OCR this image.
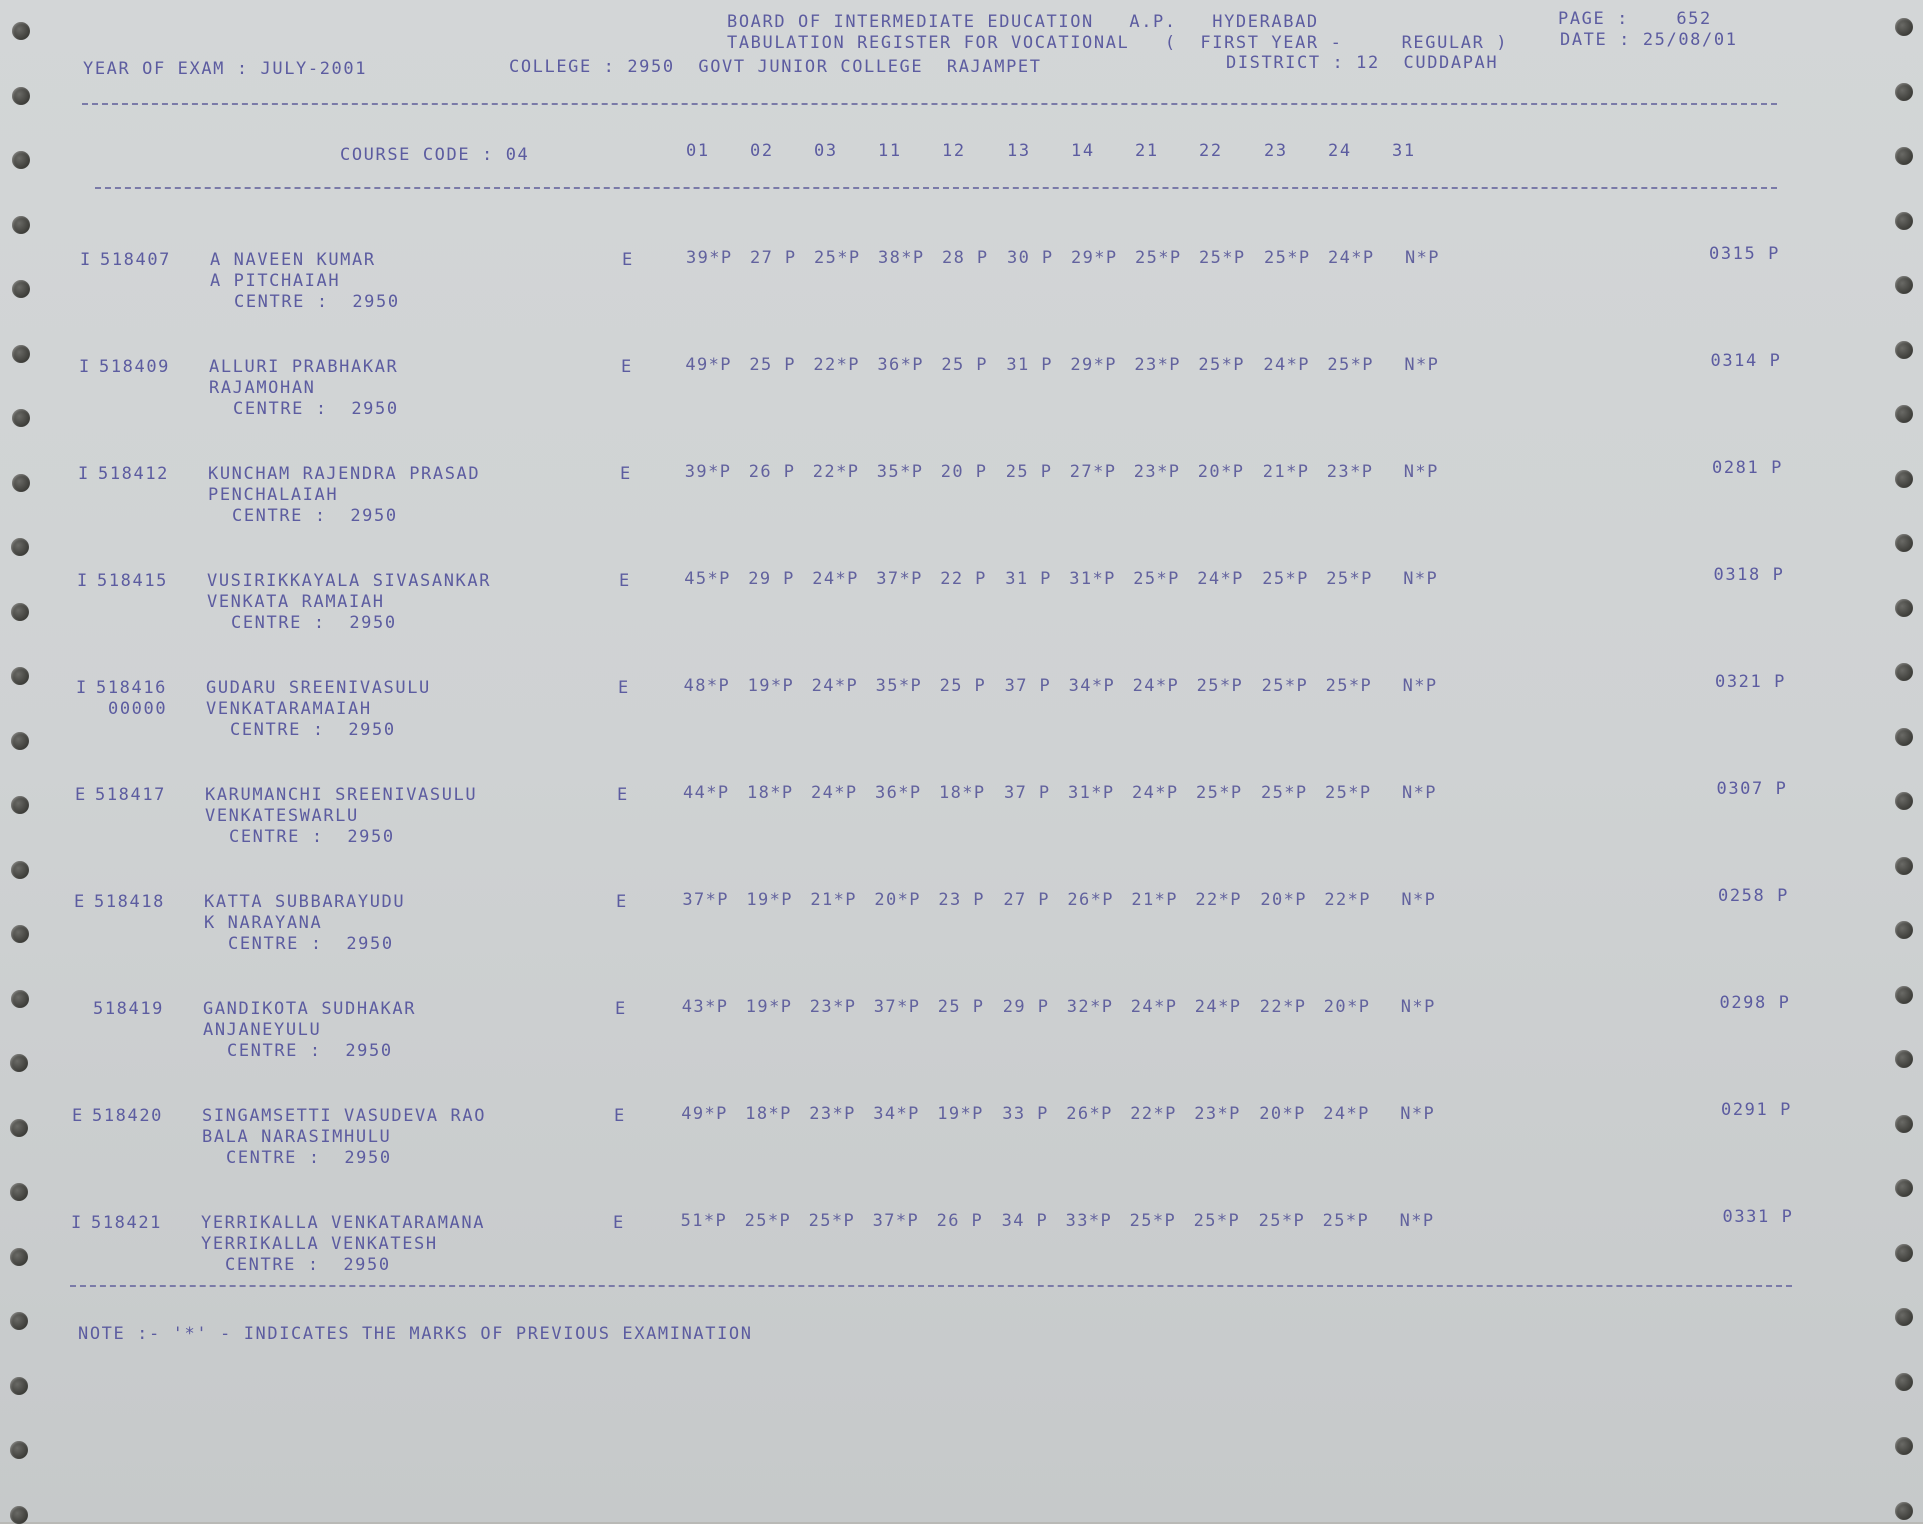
BOARD OF INTERMEDIATE EDUCATION   A.P.   HYDERABAD	PAGE :    652
TABULATION REGISTER FOR VOCATIONAL   (  FIRST YEAR -     REGULAR )	DATE : 25/08/01
YEAR OF EXAM : JULY-2001	COLLEGE : 2950  GOVT JUNIOR COLLEGE  RAJAMPET	DISTRICT : 12  CUDDAPAH
COURSE CODE : 04	01 02 03 11 12 13 14 21 22 23 24 31
I 518407 A NAVEEN KUMAR
A PITCHAIAH
CENTRE :  2950
E	39*P 27 P 25*P 38*P 28 P 30 P 29*P 25*P 25*P 25*P 24*P N*P	0315 P
I 518409 ALLURI PRABHAKAR
RAJAMOHAN
CENTRE :  2950
E	49*P 25 P 22*P 36*P 25 P 31 P 29*P 23*P 25*P 24*P 25*P N*P	0314 P
I 518412 KUNCHAM RAJENDRA PRASAD
PENCHALAIAH
CENTRE :  2950
E	39*P 26 P 22*P 35*P 20 P 25 P 27*P 23*P 20*P 21*P 23*P N*P	0281 P
I 518415 VUSIRIKKAYALA SIVASANKAR
VENKATA RAMAIAH
CENTRE :  2950
E	45*P 29 P 24*P 37*P 22 P 31 P 31*P 25*P 24*P 25*P 25*P N*P	0318 P
I 518416
00000
GUDARU SREENIVASULU
VENKATARAMAIAH
CENTRE :  2950
E	48*P 19*P 24*P 35*P 25 P 37 P 34*P 24*P 25*P 25*P 25*P N*P	0321 P
E 518417 KARUMANCHI SREENIVASULU
VENKATESWARLU
CENTRE :  2950
E	44*P 18*P 24*P 36*P 18*P 37 P 31*P 24*P 25*P 25*P 25*P N*P	0307 P
E 518418 KATTA SUBBARAYUDU
K NARAYANA
CENTRE :  2950
E	37*P 19*P 21*P 20*P 23 P 27 P 26*P 21*P 22*P 20*P 22*P N*P	0258 P
518419 GANDIKOTA SUDHAKAR
ANJANEYULU
CENTRE :  2950
E	43*P 19*P 23*P 37*P 25 P 29 P 32*P 24*P 24*P 22*P 20*P N*P	0298 P
E 518420 SINGAMSETTI VASUDEVA RAO
BALA NARASIMHULU
CENTRE :  2950
E	49*P 18*P 23*P 34*P 19*P 33 P 26*P 22*P 23*P 20*P 24*P N*P	0291 P
I 518421 YERRIKALLA VENKATARAMANA
YERRIKALLA VENKATESH
CENTRE :  2950
E	51*P 25*P 25*P 37*P 26 P 34 P 33*P 25*P 25*P 25*P 25*P N*P	0331 P
NOTE :- '*' - INDICATES THE MARKS OF PREVIOUS EXAMINATION
